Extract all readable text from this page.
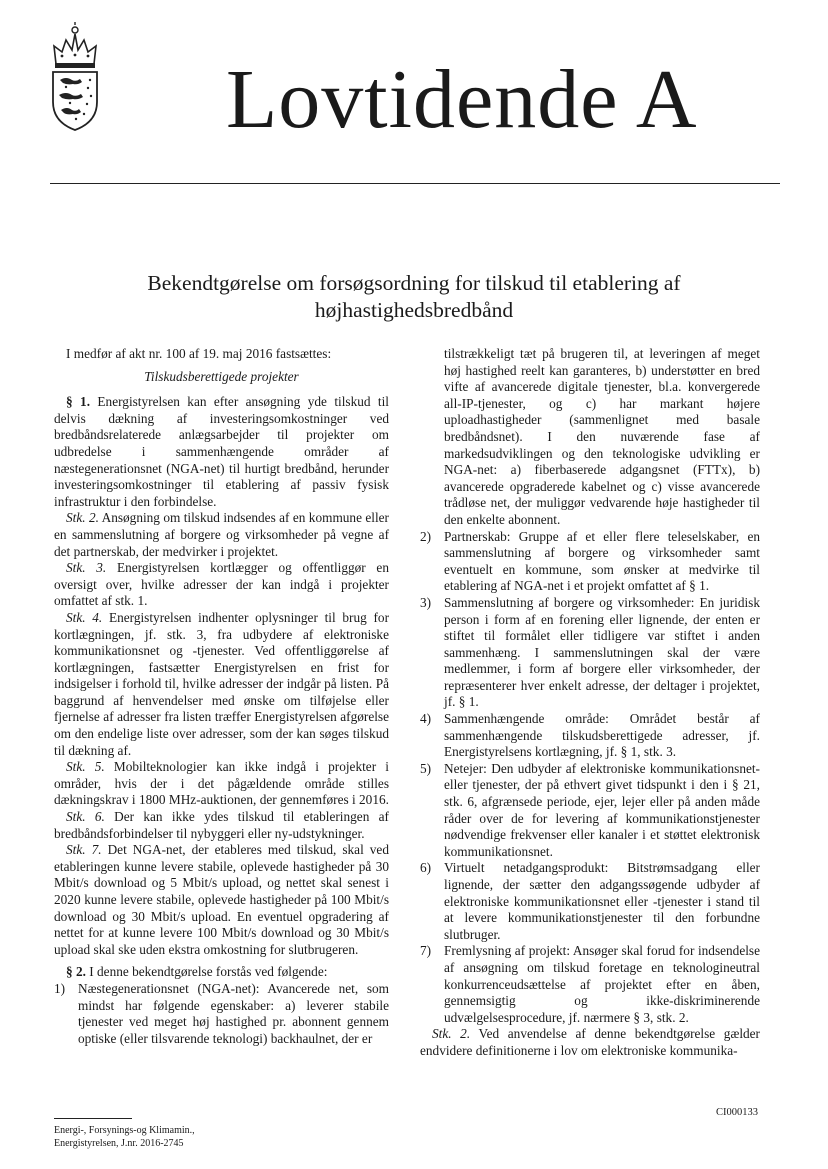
Lovtidende A
Bekendtgørelse om forsøgsordning for tilskud til etablering af
højhastighedsbredbånd

I medfør af akt nr. 100 af 19. maj 2016 fastsættes:

Tilskudsberettigede projekter

§ 1. Energistyrelsen kan efter ansøgning yde tilskud til delvis dækning af investeringsomkostninger ved bredbåndsrelaterede anlægsarbejder til projekter om udbredelse i sammenhængende områder af næstegenerationsnet (NGA-net) til hurtigt bredbånd, herunder investeringsomkostninger til etablering af passiv fysisk infrastruktur i den forbindelse.

Stk. 2. Ansøgning om tilskud indsendes af en kommune eller en sammenslutning af borgere og virksomheder på vegne af det partnerskab, der medvirker i projektet.

Stk. 3. Energistyrelsen kortlægger og offentliggør en oversigt over, hvilke adresser der kan indgå i projekter omfattet af stk. 1.

Stk. 4. Energistyrelsen indhenter oplysninger til brug for kortlægningen, jf. stk. 3, fra udbydere af elektroniske kommunikationsnet og -tjenester. Ved offentliggørelse af kortlægningen, fastsætter Energistyrelsen en frist for indsigelser i forhold til, hvilke adresser der indgår på listen. På baggrund af henvendelser med ønske om tilføjelse eller fjernelse af adresser fra listen træffer Energistyrelsen afgørelse om den endelige liste over adresser, som der kan søges tilskud til dækning af.

Stk. 5. Mobilteknologier kan ikke indgå i projekter i områder, hvis der i det pågældende område stilles dækningskrav i 1800 MHz-auktionen, der gennemføres i 2016.

Stk. 6. Der kan ikke ydes tilskud til etableringen af bredbåndsforbindelser til nybyggeri eller ny-udstykninger.

Stk. 7. Det NGA-net, der etableres med tilskud, skal ved etableringen kunne levere stabile, oplevede hastigheder på 30 Mbit/s download og 5 Mbit/s upload, og nettet skal senest i 2020 kunne levere stabile, oplevede hastigheder på 100 Mbit/s download og 30 Mbit/s upload. En eventuel opgradering af nettet for at kunne levere 100 Mbit/s download og 30 Mbit/s upload skal ske uden ekstra omkostning for slutbrugeren.

§ 2. I denne bekendtgørelse forstås ved følgende:

1) Næstegenerationsnet (NGA-net): Avancerede net, som mindst har følgende egenskaber: a) leverer stabile tjenester ved meget høj hastighed pr. abonnent gennem optiske (eller tilsvarende teknologi) backhaulnet, der er

tilstrækkeligt tæt på brugeren til, at leveringen af meget høj hastighed reelt kan garanteres, b) understøtter en bred vifte af avancerede digitale tjenester, bl.a. konvergerede all-IP-tjenester, og c) har markant højere uploadhastigheder (sammenlignet med basale bredbåndsnet). I den nuværende fase af markedsudviklingen og den teknologiske udvikling er NGA-net: a) fiberbaserede adgangsnet (FTTx), b) avancerede opgraderede kabelnet og c) visse avancerede trådløse net, der muliggør vedvarende høje hastigheder til den enkelte abonnent.

2) Partnerskab: Gruppe af et eller flere teleselskaber, en sammenslutning af borgere og virksomheder samt eventuelt en kommune, som ønsker at medvirke til etablering af NGA-net i et projekt omfattet af § 1.

3) Sammenslutning af borgere og virksomheder: En juridisk person i form af en forening eller lignende, der enten er stiftet til formålet eller tidligere var stiftet i anden sammenhæng. I sammenslutningen skal der være medlemmer, i form af borgere eller virksomheder, der repræsenterer hver enkelt adresse, der deltager i projektet, jf. § 1.

4) Sammenhængende område: Området består af sammenhængende tilskudsberettigede adresser, jf. Energistyrelsens kortlægning, jf. § 1, stk. 3.

5) Netejer: Den udbyder af elektroniske kommunikationsnet- eller tjenester, der på ethvert givet tidspunkt i den i § 21, stk. 6, afgrænsede periode, ejer, lejer eller på anden måde råder over de for levering af kommunikationstjenester nødvendige frekvenser eller kanaler i et støttet elektronisk kommunikationsnet.

6) Virtuelt netadgangsprodukt: Bitstrømsadgang eller lignende, der sætter den adgangssøgende udbyder af elektroniske kommunikationsnet eller -tjenester i stand til at levere kommunikationstjenester til den forbundne slutbruger.

7) Fremlysning af projekt: Ansøger skal forud for indsendelse af ansøgning om tilskud foretage en teknologineutral konkurrenceudsættelse af projektet efter en åben, gennemsigtig og ikke-diskriminerende udvælgelsesprocedure, jf. nærmere § 3, stk. 2.

Stk. 2. Ved anvendelse af denne bekendtgørelse gælder endvidere definitionerne i lov om elektroniske kommunika-

CI000133
Energi-, Forsynings-og Klimamin.,
Energistyrelsen, J.nr. 2016-2745
